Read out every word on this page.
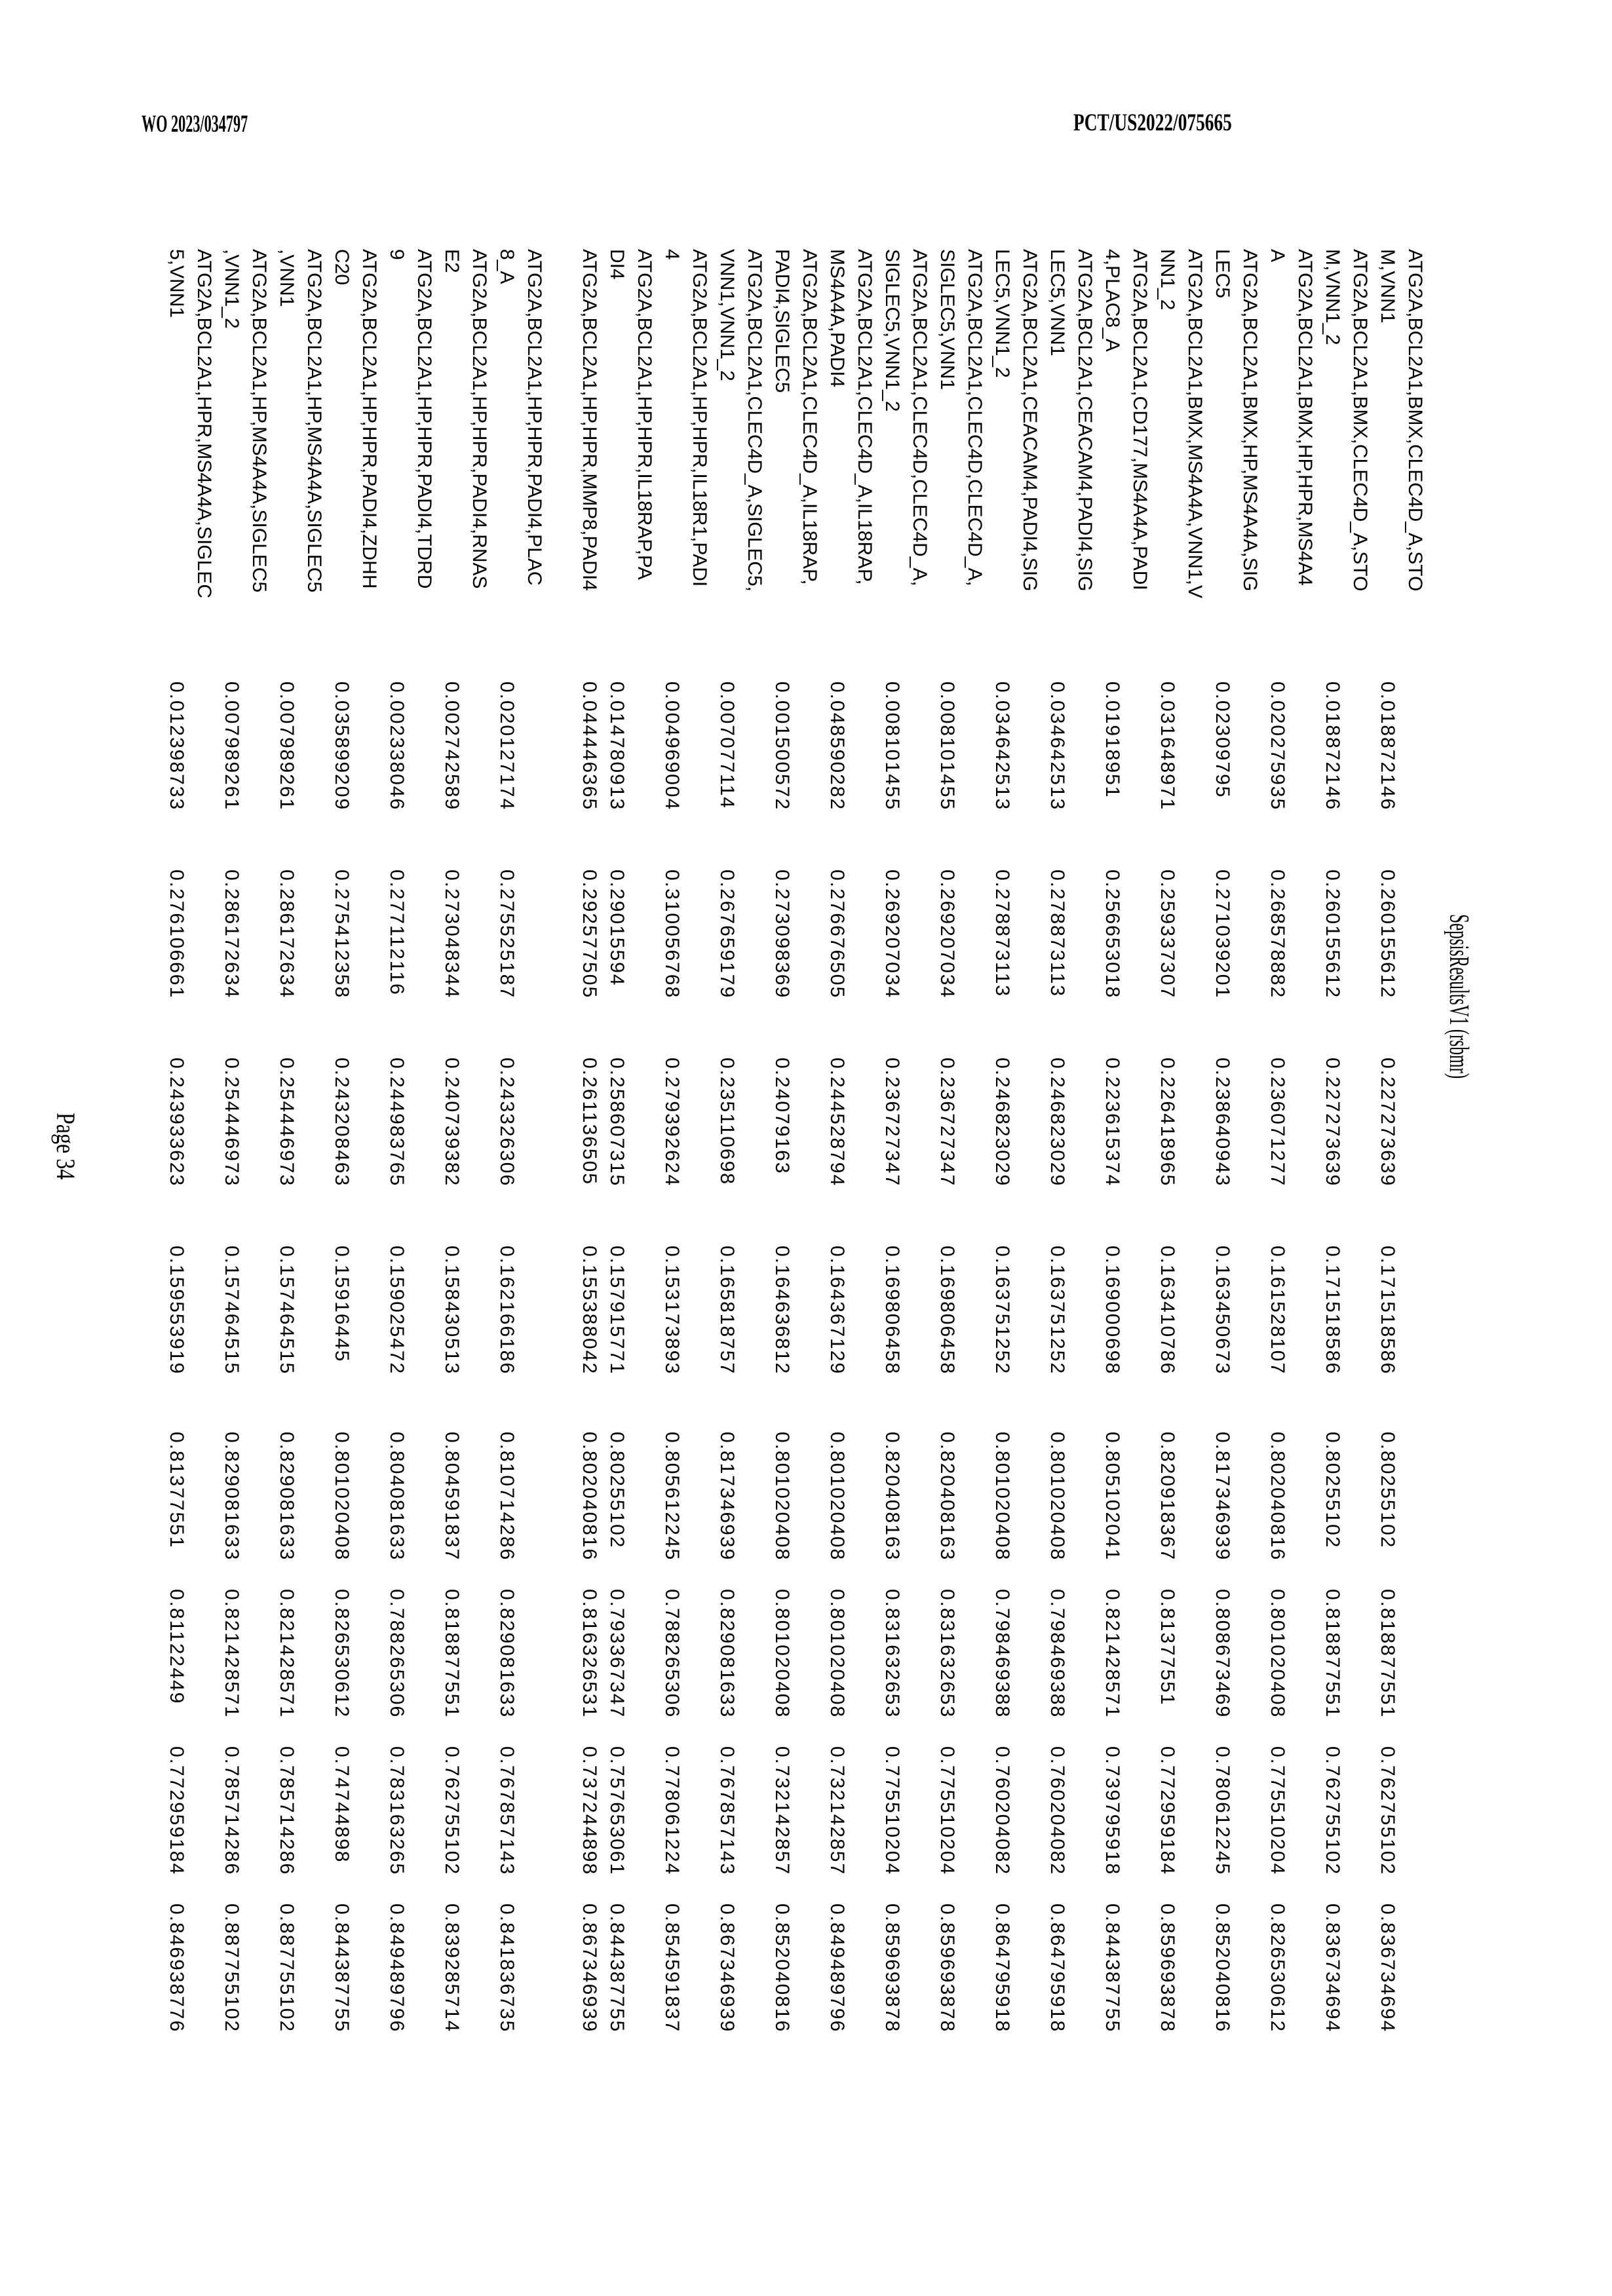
WO 2023/034797	PCT/US2022/075665
SepsisResultsV1 (rsbmr)
ATG2A,BCL2A1,BMX,CLEC4D_A,STO
M,VNN1
0.018872146
0.260155612
0.227273639
0.171518586
0.80255102
0.818877551
0.762755102
0.836734694
ATG2A,BCL2A1,BMX,CLEC4D_A,STO
M,VNN1_2
0.018872146
0.260155612
0.227273639
0.171518586
0.80255102
0.818877551
0.762755102
0.836734694
ATG2A,BCL2A1,BMX,HP,HPR,MS4A4
A
0.020275935
0.268578882
0.236071277
0.161528107
0.802040816
0.801020408
0.775510204
0.826530612
ATG2A,BCL2A1,BMX,HP,MS4A4A,SIG
LEC5
0.02309795
0.271039201
0.238640943
0.163450673
0.817346939
0.808673469
0.780612245
0.852040816
ATG2A,BCL2A1,BMX,MS4A4A,VNN1,V
NN1_2
0.031648971
0.259337307
0.226418965
0.163410786
0.820918367
0.81377551
0.772959184
0.859693878
ATG2A,BCL2A1,CD177,MS4A4A,PADI
4,PLAC8_A
0.01918951
0.256653018
0.223615374
0.169000698
0.805102041
0.821428571
0.739795918
0.844387755
ATG2A,BCL2A1,CEACAM4,PADI4,SIG
LEC5,VNN1
0.034642513
0.278873113
0.246823029
0.163751252
0.801020408
0.798469388
0.760204082
0.864795918
ATG2A,BCL2A1,CEACAM4,PADI4,SIG
LEC5,VNN1_2
0.034642513
0.278873113
0.246823029
0.163751252
0.801020408
0.798469388
0.760204082
0.864795918
ATG2A,BCL2A1,CLEC4D,CLEC4D_A,
SIGLEC5,VNN1
0.008101455
0.269207034
0.236727347
0.169806458
0.820408163
0.831632653
0.775510204
0.859693878
ATG2A,BCL2A1,CLEC4D,CLEC4D_A,
SIGLEC5,VNN1_2
0.008101455
0.269207034
0.236727347
0.169806458
0.820408163
0.831632653
0.775510204
0.859693878
ATG2A,BCL2A1,CLEC4D_A,IL18RAP,
MS4A4A,PADI4
0.048590282
0.276676505
0.244528794
0.164367129
0.801020408
0.801020408
0.732142857
0.849489796
ATG2A,BCL2A1,CLEC4D_A,IL18RAP,
PADI4,SIGLEC5
0.001500572
0.273098369
0.24079163
0.164636812
0.801020408
0.801020408
0.732142857
0.852040816
ATG2A,BCL2A1,CLEC4D_A,SIGLEC5,
VNN1,VNN1_2
0.007077114
0.267659179
0.235110698
0.165818757
0.817346939
0.829081633
0.767857143
0.867346939
ATG2A,BCL2A1,HP,HPR,IL18R1,PADI
4
0.004969004
0.310056768
0.279392624
0.153173893
0.805612245
0.788265306
0.778061224
0.854591837
ATG2A,BCL2A1,HP,HPR,IL18RAP,PA
DI4
0.014780913
0.29015594
0.258607315
0.157915771
0.80255102
0.793367347
0.757653061
0.844387755
ATG2A,BCL2A1,HP,HPR,MMP8,PADI4
0.044446365
0.292577505
0.261136505
0.155388042
0.802040816
0.816326531
0.737244898
0.867346939
ATG2A,BCL2A1,HP,HPR,PADI4,PLAC
8_A
0.020127174
0.275525187
0.243326306
0.162166186
0.810714286
0.829081633
0.767857143
0.841836735
ATG2A,BCL2A1,HP,HPR,PADI4,RNAS
E2
0.002742589
0.273048344
0.240739382
0.158430513
0.804591837
0.818877551
0.762755102
0.839285714
ATG2A,BCL2A1,HP,HPR,PADI4,TDRD
9
0.002338046
0.277112116
0.244983765
0.159025472
0.804081633
0.788265306
0.783163265
0.849489796
ATG2A,BCL2A1,HP,HPR,PADI4,ZDHH
C20
0.035899209
0.275412358
0.243208463
0.15916445
0.801020408
0.826530612
0.74744898
0.844387755
ATG2A,BCL2A1,HP,MS4A4A,SIGLEC5
,VNN1
0.007989261
0.286172634
0.254446973
0.157464515
0.829081633
0.821428571
0.785714286
0.887755102
ATG2A,BCL2A1,HP,MS4A4A,SIGLEC5
,VNN1_2
0.007989261
0.286172634
0.254446973
0.157464515
0.829081633
0.821428571
0.785714286
0.887755102
ATG2A,BCL2A1,HPR,MS4A4A,SIGLEC
5,VNN1
0.012398733
0.276106661
0.243933623
0.159553919
0.81377551
0.81122449
0.772959184
0.846938776
Page 34
